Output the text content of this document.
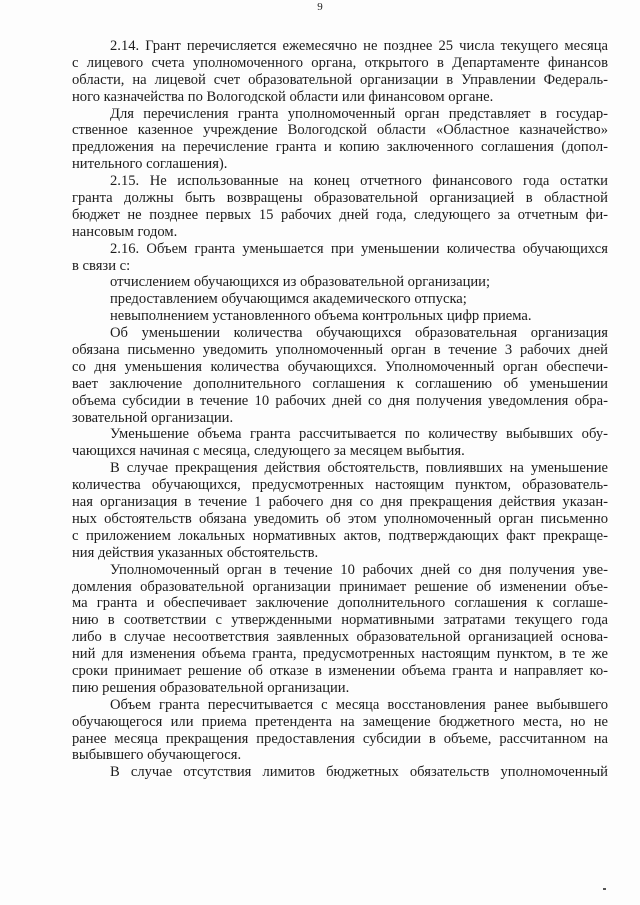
9
2.14. Грант перечисляется ежемесячно не позднее 25 числа текущего месяца
с лицевого счета уполномоченного органа, открытого в Департаменте финансов
области, на лицевой счет образовательной организации в Управлении Федераль-
ного казначейства по Вологодской области или финансовом органе.
Для перечисления гранта уполномоченный орган представляет в государ-
ственное казенное учреждение Вологодской области «Областное казначейство»
предложения на перечисление гранта и копию заключенного соглашения (допол-
нительного соглашения).
2.15. Не использованные на конец отчетного финансового года остатки
гранта должны быть возвращены образовательной организацией в областной
бюджет не позднее первых 15 рабочих дней года, следующего за отчетным фи-
нансовым годом.
2.16. Объем гранта уменьшается при уменьшении количества обучающихся
в связи с:
отчислением обучающихся из образовательной организации;
предоставлением обучающимся академического отпуска;
невыполнением установленного объема контрольных цифр приема.
Об уменьшении количества обучающихся образовательная организация
обязана письменно уведомить уполномоченный орган в течение 3 рабочих дней
со дня уменьшения количества обучающихся. Уполномоченный орган обеспечи-
вает заключение дополнительного соглашения к соглашению об уменьшении
объема субсидии в течение 10 рабочих дней со дня получения уведомления обра-
зовательной организации.
Уменьшение объема гранта рассчитывается по количеству выбывших обу-
чающихся начиная с месяца, следующего за месяцем выбытия.
В случае прекращения действия обстоятельств, повлиявших на уменьшение
количества обучающихся, предусмотренных настоящим пунктом, образователь-
ная организация в течение 1 рабочего дня со дня прекращения действия указан-
ных обстоятельств обязана уведомить об этом уполномоченный орган письменно
с приложением локальных нормативных актов, подтверждающих факт прекраще-
ния действия указанных обстоятельств.
Уполномоченный орган в течение 10 рабочих дней со дня получения уве-
домления образовательной организации принимает решение об изменении объе-
ма гранта и обеспечивает заключение дополнительного соглашения к соглаше-
нию в соответствии с утвержденными нормативными затратами текущего года
либо в случае несоответствия заявленных образовательной организацией основа-
ний для изменения объема гранта, предусмотренных настоящим пунктом, в те же
сроки принимает решение об отказе в изменении объема гранта и направляет ко-
пию решения образовательной организации.
Объем гранта пересчитывается с месяца восстановления ранее выбывшего
обучающегося или приема претендента на замещение бюджетного места, но не
ранее месяца прекращения предоставления субсидии в объеме, рассчитанном на
выбывшего обучающегося.
В случае отсутствия лимитов бюджетных обязательств уполномоченный
